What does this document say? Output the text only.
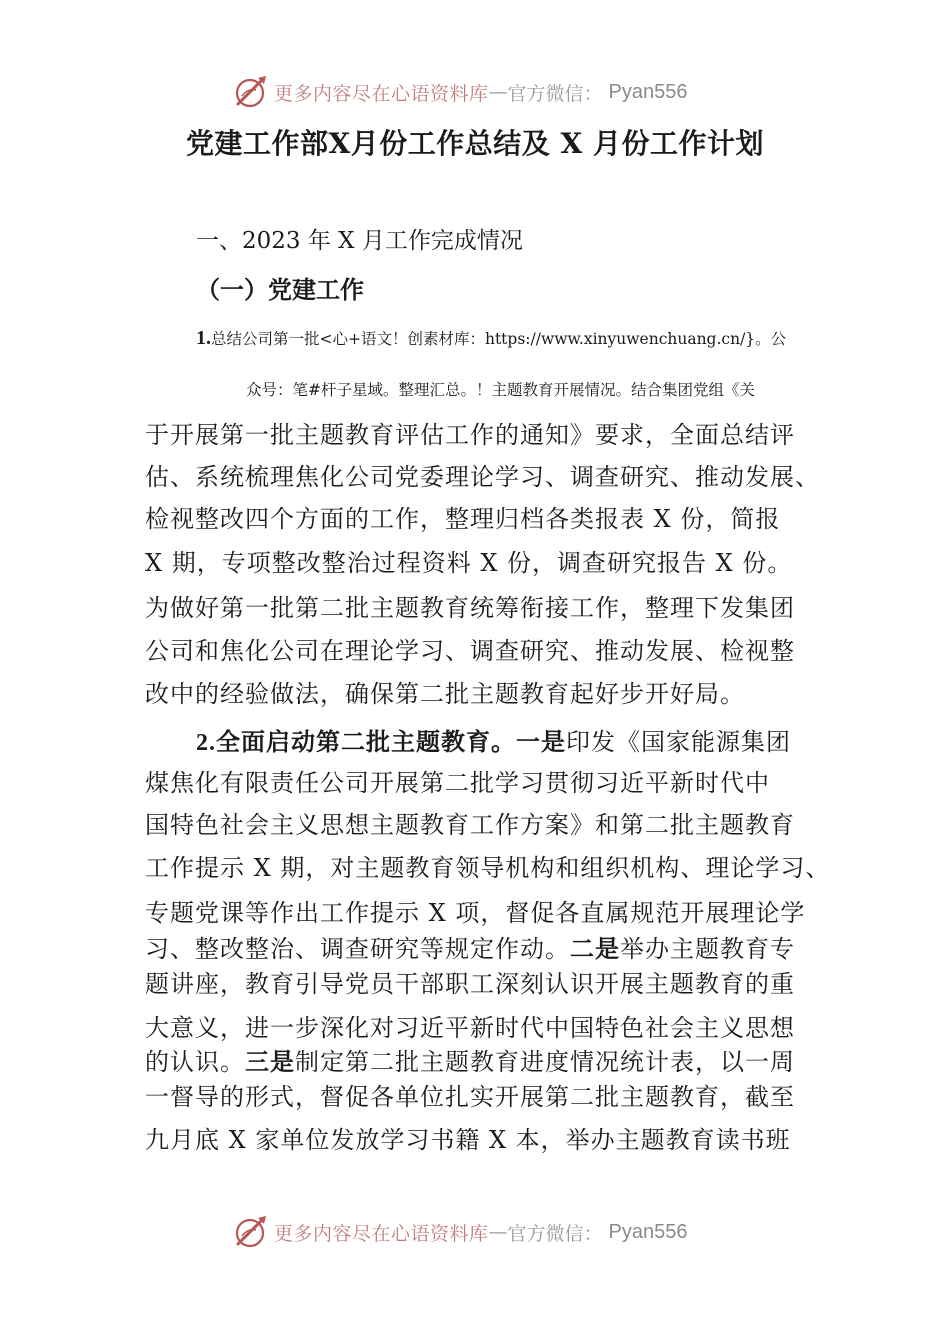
更多内容尽在心语资料库 — 官方微信： Pyan556
党建工作部X月份工作总结及 X 月份工作计划
一、2023 年 X 月工作完成情况
（一）党建工作
1.总结公司第一批<心+语文！创素材库：https://www.xinyuwenchuang.cn/}。公
众号：笔#杆子星域。整理汇总。！主题教育开展情况。结合集团党组《关
于开展第一批主题教育评估工作的通知》要求，全面总结评
估、系统梳理焦化公司党委理论学习、调查研究、推动发展、
检视整改四个方面的工作，整理归档各类报表 X 份，简报
X 期，专项整改整治过程资料 X 份，调查研究报告 X 份。
为做好第一批第二批主题教育统筹衔接工作，整理下发集团
公司和焦化公司在理论学习、调查研究、推动发展、检视整
改中的经验做法，确保第二批主题教育起好步开好局。
2.全面启动第二批主题教育。一是印发《国家能源集团
煤焦化有限责任公司开展第二批学习贯彻习近平新时代中
国特色社会主义思想主题教育工作方案》和第二批主题教育
工作提示 X 期，对主题教育领导机构和组织机构、理论学习、
专题党课等作出工作提示 X 项，督促各直属规范开展理论学
习、整改整治、调查研究等规定作动。二是举办主题教育专
题讲座，教育引导党员干部职工深刻认识开展主题教育的重
大意义，进一步深化对习近平新时代中国特色社会主义思想
的认识。三是制定第二批主题教育进度情况统计表，以一周
一督导的形式，督促各单位扎实开展第二批主题教育，截至
九月底 X 家单位发放学习书籍 X 本，举办主题教育读书班
更多内容尽在心语资料库 — 官方微信： Pyan556
